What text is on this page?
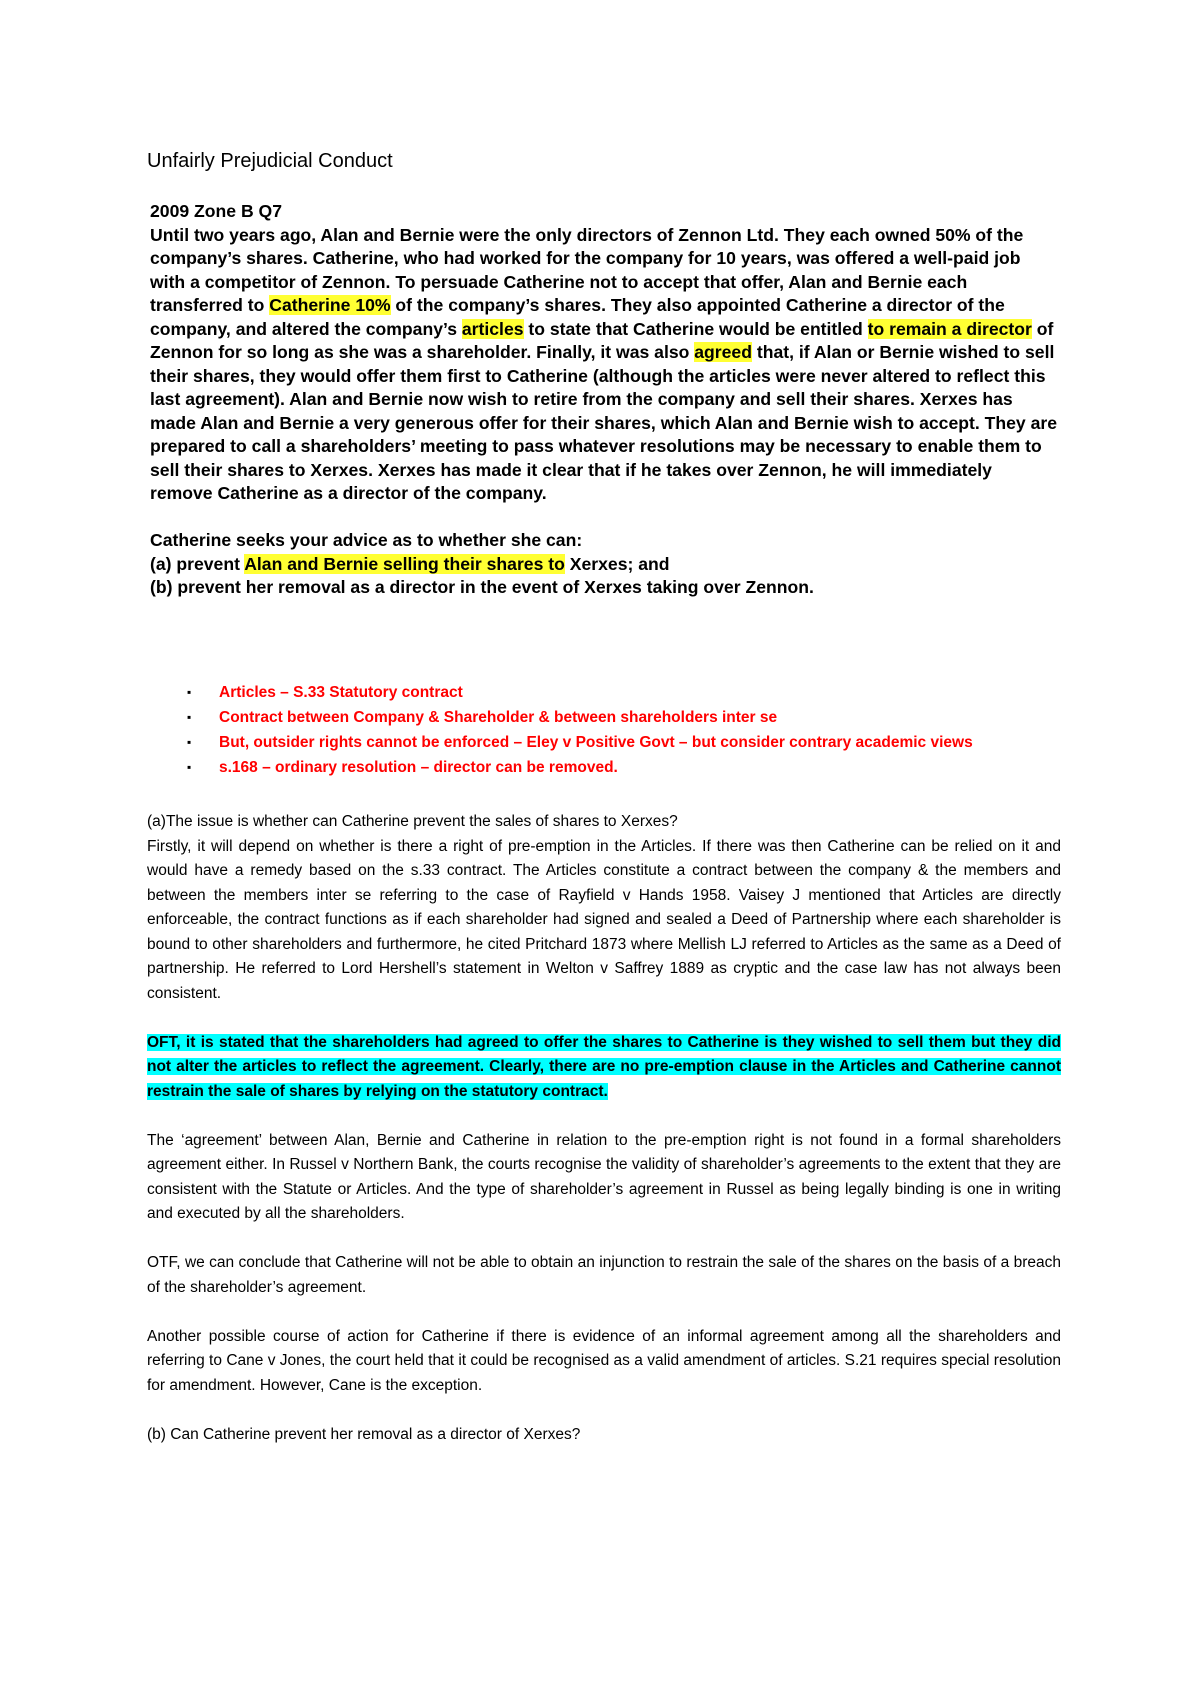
Unfairly Prejudicial Conduct

2009 Zone B Q7

Until two years ago, Alan and Bernie were the only directors of Zennon Ltd. They each owned 50% of the company’s shares. Catherine, who had worked for the company for 10 years, was offered a well-paid job with a competitor of Zennon. To persuade Catherine not to accept that offer, Alan and Bernie each transferred to Catherine 10% of the company’s shares. They also appointed Catherine a director of the company, and altered the company’s articles to state that Catherine would be entitled to remain a director of Zennon for so long as she was a shareholder. Finally, it was also agreed that, if Alan or Bernie wished to sell their shares, they would offer them first to Catherine (although the articles were never altered to reflect this last agreement). Alan and Bernie now wish to retire from the company and sell their shares. Xerxes has made Alan and Bernie a very generous offer for their shares, which Alan and Bernie wish to accept. They are prepared to call a shareholders’ meeting to pass whatever resolutions may be necessary to enable them to sell their shares to Xerxes. Xerxes has made it clear that if he takes over Zennon, he will immediately remove Catherine as a director of the company.

Catherine seeks your advice as to whether she can:

(a) prevent Alan and Bernie selling their shares to Xerxes; and

(b) prevent her removal as a director in the event of Xerxes taking over Zennon.

▪ Articles – S.33 Statutory contract
▪ Contract between Company & Shareholder & between shareholders inter se
▪ But, outsider rights cannot be enforced – Eley v Positive Govt – but consider contrary academic views
▪ s.168 – ordinary resolution – director can be removed.

(a)The issue is whether can Catherine prevent the sales of shares to Xerxes?
Firstly, it will depend on whether is there a right of pre-emption in the Articles. If there was then Catherine can be relied on it and would have a remedy based on the s.33 contract. The Articles constitute a contract between the company & the members and between the members inter se referring to the case of Rayfield v Hands 1958. Vaisey J mentioned that Articles are directly enforceable, the contract functions as if each shareholder had signed and sealed a Deed of Partnership where each shareholder is bound to other shareholders and furthermore, he cited Pritchard 1873 where Mellish LJ referred to Articles as the same as a Deed of partnership. He referred to Lord Hershell’s statement in Welton v Saffrey 1889 as cryptic and the case law has not always been consistent.

OFT, it is stated that the shareholders had agreed to offer the shares to Catherine is they wished to sell them but they did not alter the articles to reflect the agreement. Clearly, there are no pre-emption clause in the Articles and Catherine cannot restrain the sale of shares by relying on the statutory contract.

The ‘agreement’ between Alan, Bernie and Catherine in relation to the pre-emption right is not found in a formal shareholders agreement either. In Russel v Northern Bank, the courts recognise the validity of shareholder’s agreements to the extent that they are consistent with the Statute or Articles. And the type of shareholder’s agreement in Russel as being legally binding is one in writing and executed by all the shareholders.

OTF, we can conclude that Catherine will not be able to obtain an injunction to restrain the sale of the shares on the basis of a breach of the shareholder’s agreement.

Another possible course of action for Catherine if there is evidence of an informal agreement among all the shareholders and referring to Cane v Jones, the court held that it could be recognised as a valid amendment of articles. S.21 requires special resolution for amendment. However, Cane is the exception.

(b) Can Catherine prevent her removal as a director of Xerxes?
